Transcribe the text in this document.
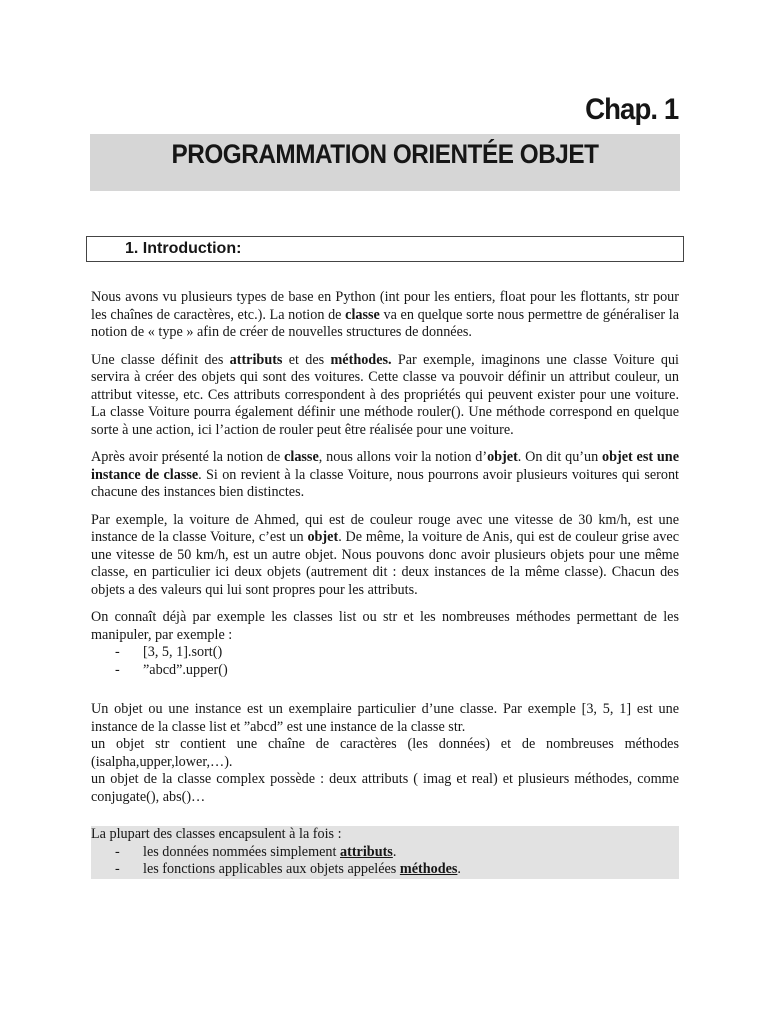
Chap. 1
PROGRAMMATION ORIENTÉE OBJET
1. Introduction:

Nous avons vu plusieurs types de base en Python (int pour les entiers, float pour les flottants, str pour les chaînes de caractères, etc.). La notion de classe va en quelque sorte nous permettre de généraliser la notion de « type » afin de créer de nouvelles structures de données.

Une classe définit des attributs et des méthodes. Par exemple, imaginons une classe Voiture qui servira à créer des objets qui sont des voitures. Cette classe va pouvoir définir un attribut couleur, un attribut vitesse, etc. Ces attributs correspondent à des propriétés qui peuvent exister pour une voiture. La classe Voiture pourra également définir une méthode rouler(). Une méthode correspond en quelque sorte à une action, ici l’action de rouler peut être réalisée pour une voiture.

Après avoir présenté la notion de classe, nous allons voir la notion d’objet. On dit qu’un objet est une instance de classe. Si on revient à la classe Voiture, nous pourrons avoir plusieurs voitures qui seront chacune des instances bien distinctes.

Par exemple, la voiture de Ahmed, qui est de couleur rouge avec une vitesse de 30 km/h, est une instance de la classe Voiture, c’est un objet. De même, la voiture de Anis, qui est de couleur grise avec une vitesse de 50 km/h, est un autre objet. Nous pouvons donc avoir plusieurs objets pour une même classe, en particulier ici deux objets (autrement dit : deux instances de la même classe). Chacun des objets a des valeurs qui lui sont propres pour les attributs.

On connaît déjà par exemple les classes list ou str et les nombreuses méthodes permettant de les manipuler, par exemple :

- [3, 5, 1].sort()
- ”abcd”.upper()
Un objet ou une instance est un exemplaire particulier d’une classe. Par exemple [3, 5, 1] est une instance de la classe list et ”abcd” est une instance de la classe str.
un objet str contient une chaîne de caractères (les données) et de nombreuses méthodes (isalpha,upper,lower,…).
un objet de la classe complex possède : deux attributs ( imag et real) et plusieurs méthodes, comme conjugate(), abs()…
La plupart des classes encapsulent à la fois :
- les données nommées simplement attributs.
- les fonctions applicables aux objets appelées méthodes.
